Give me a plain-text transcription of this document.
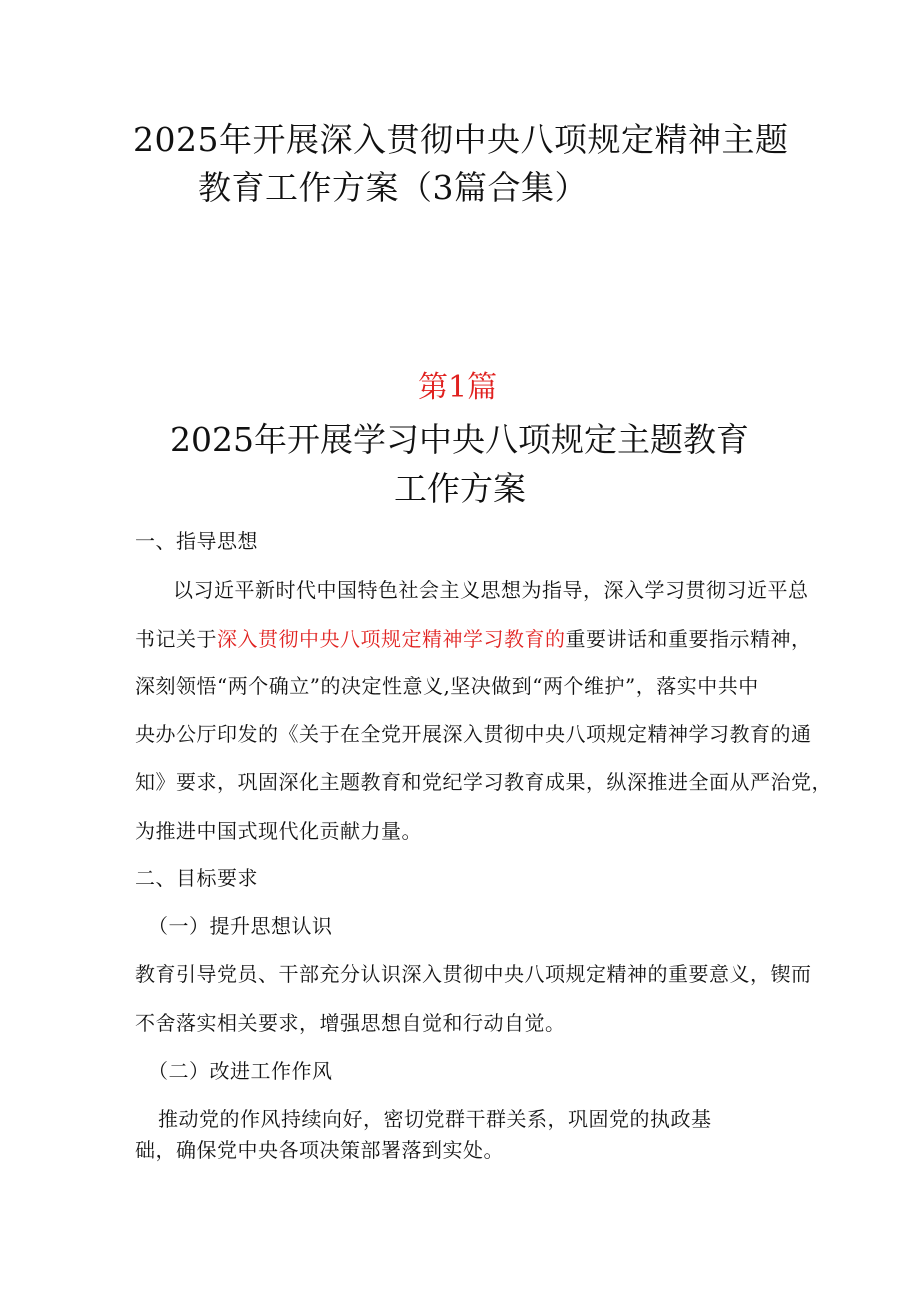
2025年开展深入贯彻中央八项规定精神主题

教育工作方案（3篇合集）

第1篇

2025年开展学习中央八项规定主题教育

工作方案

一、指导思想

以习近平新时代中国特色社会主义思想为指导，深入学习贯彻习近平总

书记关于深入贯彻中央八项规定精神学习教育的重要讲话和重要指示精神，

深刻领悟“两个确立”的决定性意义,坚决做到“两个维护”，落实中共中

央办公厅印发的《关于在全党开展深入贯彻中央八项规定精神学习教育的通

知》要求，巩固深化主题教育和党纪学习教育成果，纵深推进全面从严治党，

为推进中国式现代化贡献力量。

二、目标要求

（一）提升思想认识

教育引导党员、干部充分认识深入贯彻中央八项规定精神的重要意义，锲而

不舍落实相关要求，增强思想自觉和行动自觉。

（二）改进工作作风

推动党的作风持续向好，密切党群干群关系，巩固党的执政基

础，确保党中央各项决策部署落到实处。
